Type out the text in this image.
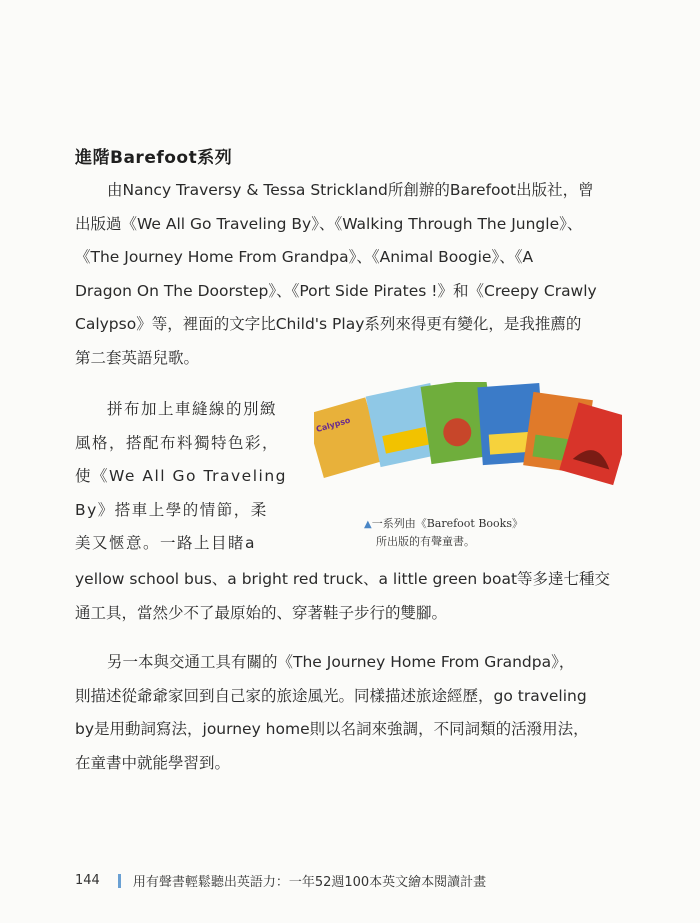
進階Barefoot系列
由Nancy Traversy & Tessa Strickland所創辦的Barefoot出版社，曾
出版過《We All Go Traveling By》、《Walking Through The Jungle》、
《The Journey Home From Grandpa》、《Animal Boogie》、《A
Dragon On The Doorstep》、《Port Side Pirates !》和《Creepy Crawly
Calypso》等，裡面的文字比Child's Play系列來得更有變化，是我推薦的
第二套英語兒歌。
拼布加上車縫線的別緻
風格，搭配布料獨特色彩，
使《We All Go Traveling
By》搭車上學的情節，柔
美又愜意。一路上目睹a
Calypso
▲一系列由《Barefoot Books》
所出版的有聲童書。
yellow school bus、a bright red truck、a little green boat等多達七種交
通工具，當然少不了最原始的、穿著鞋子步行的雙腳。
另一本與交通工具有關的《The Journey Home From Grandpa》，
則描述從爺爺家回到自己家的旅途風光。同樣描述旅途經歷，go traveling
by是用動詞寫法，journey home則以名詞來強調，不同詞類的活潑用法，
在童書中就能學習到。
144	用有聲書輕鬆聽出英語力：一年52週100本英文繪本閱讀計畫
